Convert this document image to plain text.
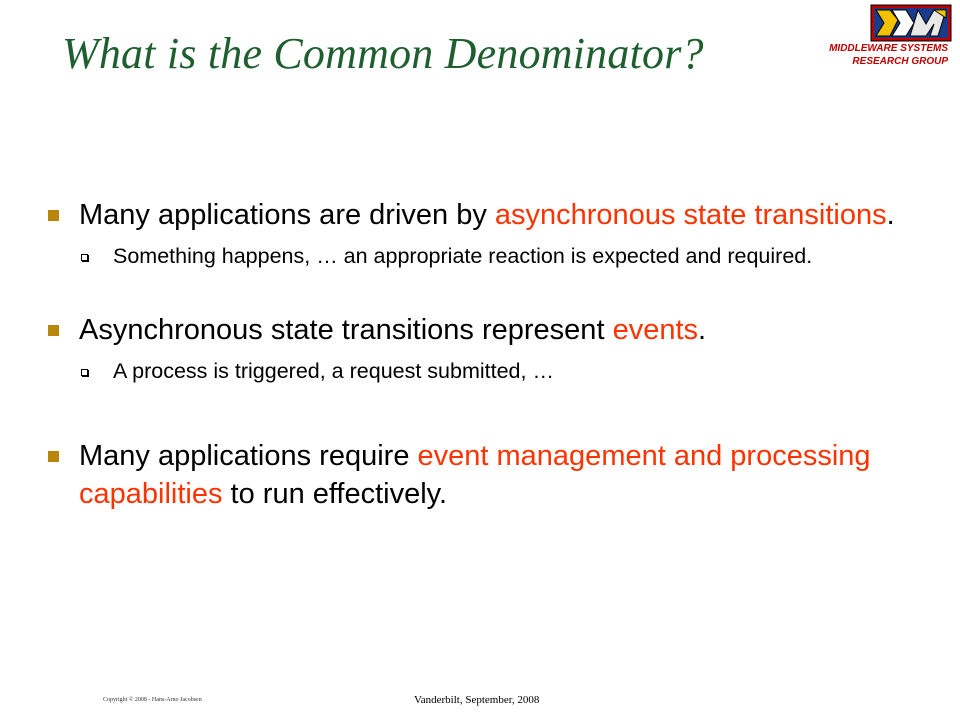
What is the Common Denominator?	MIDDLEWARE SYSTEMS
RESEARCH GROUP
Many applications are driven by asynchronous state transitions.
Something happens, … an appropriate reaction is expected and required.
Asynchronous state transitions represent events.
A process is triggered, a request submitted, …
Many applications require event management and processing capabilities to run effectively.
Copyright © 2008 - Hans-Arno Jacobsen	Vanderbilt, September, 2008
